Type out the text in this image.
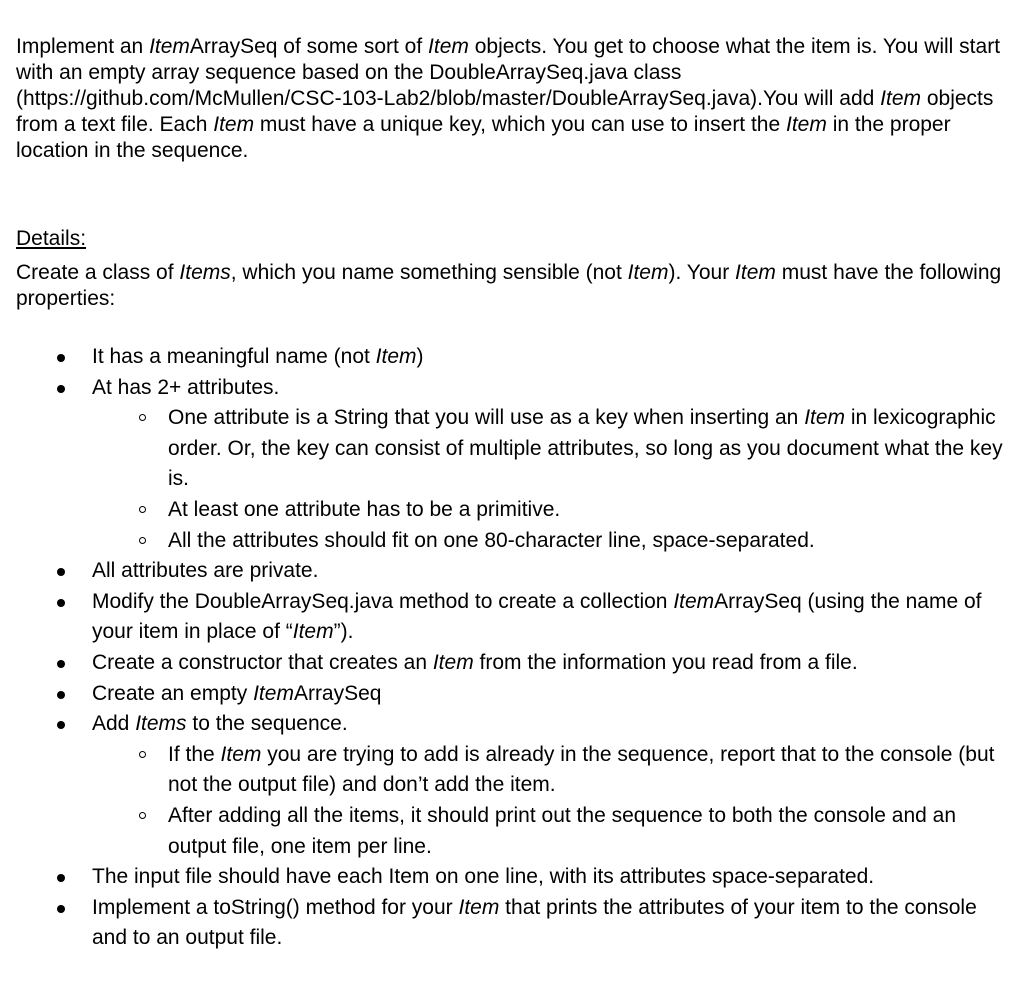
Implement an ItemArraySeq of some sort of Item objects. You get to choose what the item is. You will start with an empty array sequence based on the DoubleArraySeq.java class (https://github.com/McMullen/CSC-103-Lab2/blob/master/DoubleArraySeq.java).You will add Item objects from a text file. Each Item must have a unique key, which you can use to insert the Item in the proper location in the sequence.

Details:

Create a class of Items, which you name something sensible (not Item). Your Item must have the following properties:

It has a meaningful name (not Item)
At has 2+ attributes.
One attribute is a String that you will use as a key when inserting an Item in lexicographic order. Or, the key can consist of multiple attributes, so long as you document what the key is.
At least one attribute has to be a primitive.
All the attributes should fit on one 80-character line, space-separated.
All attributes are private.
Modify the DoubleArraySeq.java method to create a collection ItemArraySeq (using the name of your item in place of “Item”).
Create a constructor that creates an Item from the information you read from a file.
Create an empty ItemArraySeq
Add Items to the sequence.
If the Item you are trying to add is already in the sequence, report that to the console (but not the output file) and don’t add the item.
After adding all the items, it should print out the sequence to both the console and an output file, one item per line.
The input file should have each Item on one line, with its attributes space-separated.
Implement a toString() method for your Item that prints the attributes of your item to the console and to an output file.
